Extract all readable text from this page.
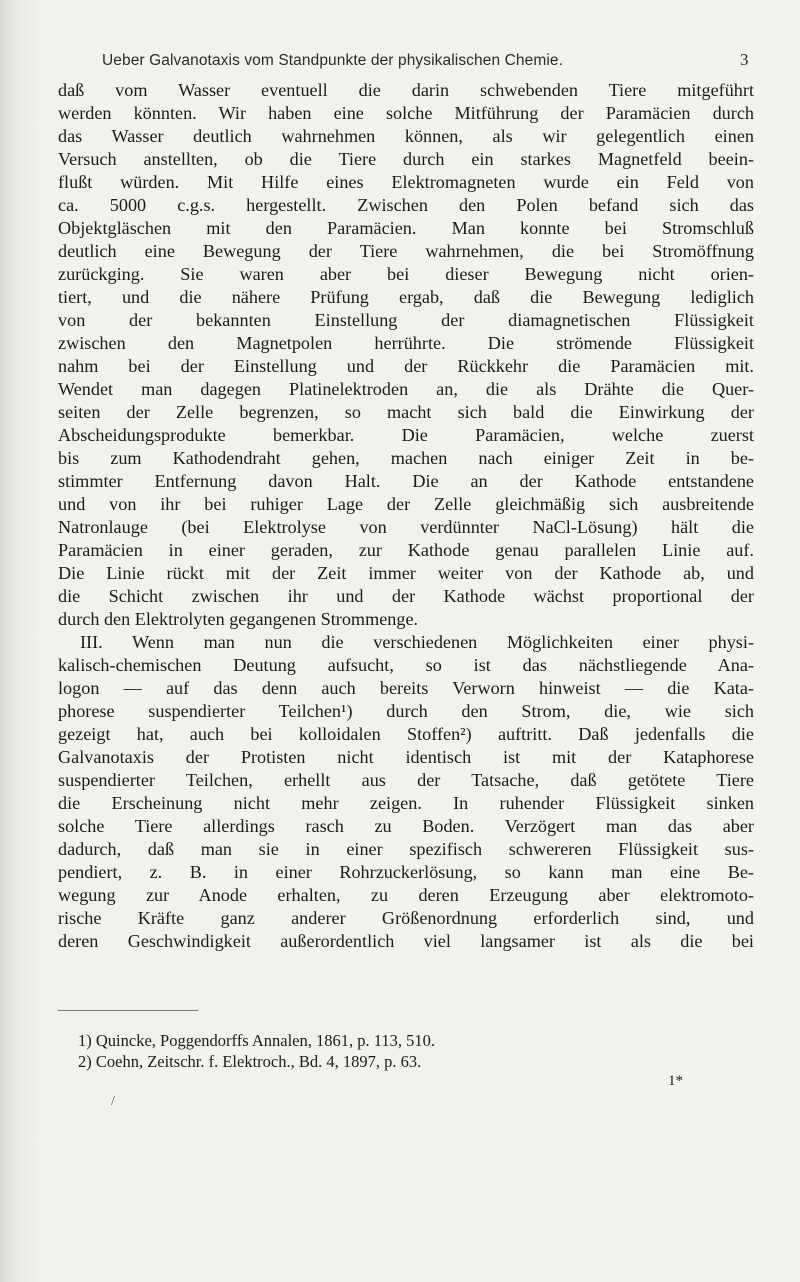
Ueber Galvanotaxis vom Standpunkte der physikalischen Chemie.	3
daß vom Wasser eventuell die darin schwebenden Tiere mitgeführt
werden könnten. Wir haben eine solche Mitführung der Paramäcien durch
das Wasser deutlich wahrnehmen können, als wir gelegentlich einen
Versuch anstellten, ob die Tiere durch ein starkes Magnetfeld beein-
flußt würden. Mit Hilfe eines Elektromagneten wurde ein Feld von
ca. 5000 c.g.s. hergestellt. Zwischen den Polen befand sich das
Objektgläschen mit den Paramäcien. Man konnte bei Stromschluß
deutlich eine Bewegung der Tiere wahrnehmen, die bei Stromöffnung
zurückging. Sie waren aber bei dieser Bewegung nicht orien-
tiert, und die nähere Prüfung ergab, daß die Bewegung lediglich
von der bekannten Einstellung der diamagnetischen Flüssigkeit
zwischen den Magnetpolen herrührte. Die strömende Flüssigkeit
nahm bei der Einstellung und der Rückkehr die Paramäcien mit.
Wendet man dagegen Platinelektroden an, die als Drähte die Quer-
seiten der Zelle begrenzen, so macht sich bald die Einwirkung der
Abscheidungsprodukte bemerkbar. Die Paramäcien, welche zuerst
bis zum Kathodendraht gehen, machen nach einiger Zeit in be-
stimmter Entfernung davon Halt. Die an der Kathode entstandene
und von ihr bei ruhiger Lage der Zelle gleichmäßig sich ausbreitende
Natronlauge (bei Elektrolyse von verdünnter NaCl-Lösung) hält die
Paramäcien in einer geraden, zur Kathode genau parallelen Linie auf.
Die Linie rückt mit der Zeit immer weiter von der Kathode ab, und
die Schicht zwischen ihr und der Kathode wächst proportional der
durch den Elektrolyten gegangenen Strommenge.
III. Wenn man nun die verschiedenen Möglichkeiten einer physi-
kalisch-chemischen Deutung aufsucht, so ist das nächstliegende Ana-
logon — auf das denn auch bereits Verworn hinweist — die Kata-
phorese suspendierter Teilchen¹) durch den Strom, die, wie sich
gezeigt hat, auch bei kolloidalen Stoffen²) auftritt. Daß jedenfalls die
Galvanotaxis der Protisten nicht identisch ist mit der Kataphorese
suspendierter Teilchen, erhellt aus der Tatsache, daß getötete Tiere
die Erscheinung nicht mehr zeigen. In ruhender Flüssigkeit sinken
solche Tiere allerdings rasch zu Boden. Verzögert man das aber
dadurch, daß man sie in einer spezifisch schwereren Flüssigkeit sus-
pendiert, z. B. in einer Rohrzuckerlösung, so kann man eine Be-
wegung zur Anode erhalten, zu deren Erzeugung aber elektromoto-
rische Kräfte ganz anderer Größenordnung erforderlich sind, und
deren Geschwindigkeit außerordentlich viel langsamer ist als die bei
1) Quincke, Poggendorffs Annalen, 1861, p. 113, 510.
2) Coehn, Zeitschr. f. Elektroch., Bd. 4, 1897, p. 63.
1*
/
